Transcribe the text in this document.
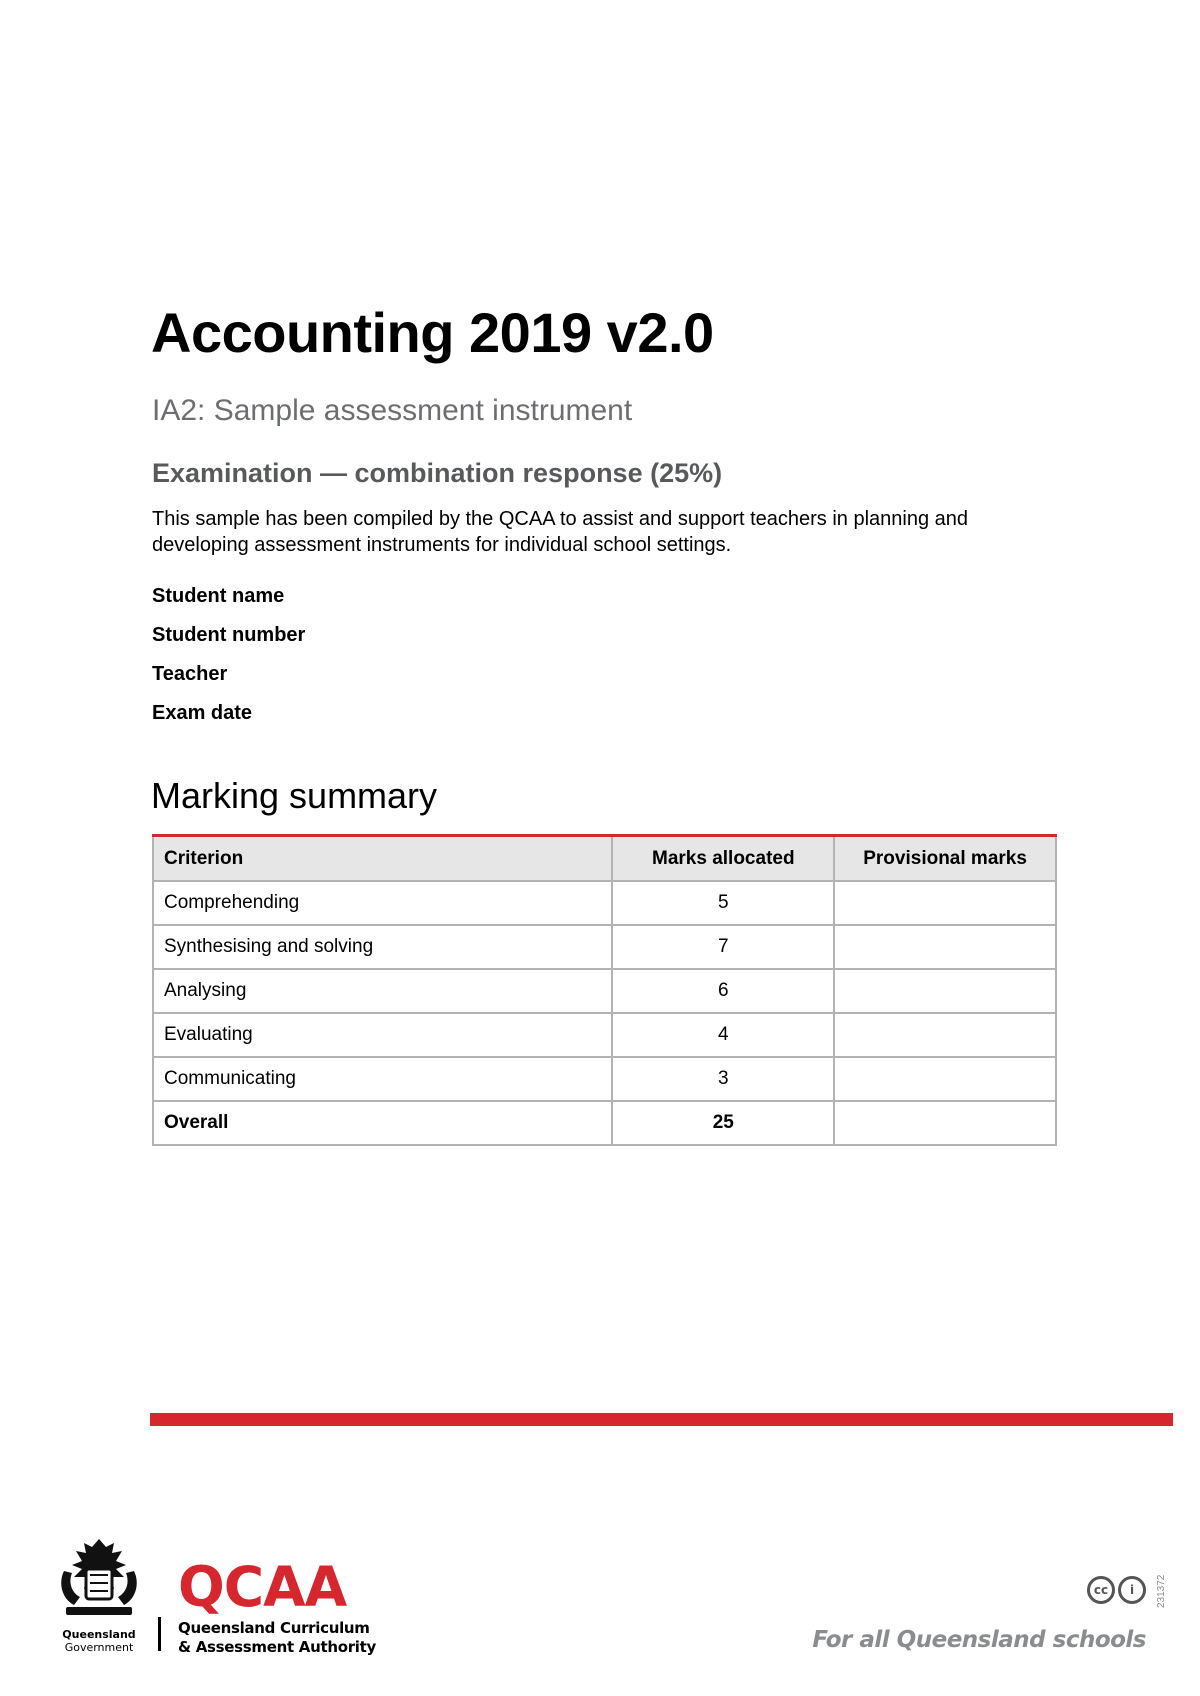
Accounting 2019 v2.0

IA2: Sample assessment instrument

Examination — combination response (25%)

This sample has been compiled by the QCAA to assist and support teachers in planning and developing assessment instruments for individual school settings.

Student name
Student number
Teacher
Exam date
Marking summary
Criterion	Marks allocated	Provisional marks
Comprehending	5	
Synthesising and solving	7	
Analysing	6	
Evaluating	4	
Communicating	3	
Overall	25	
Queensland
Government

QCAA

Queensland Curriculum
& Assessment Authority
cc	i	231372
For all Queensland schools
